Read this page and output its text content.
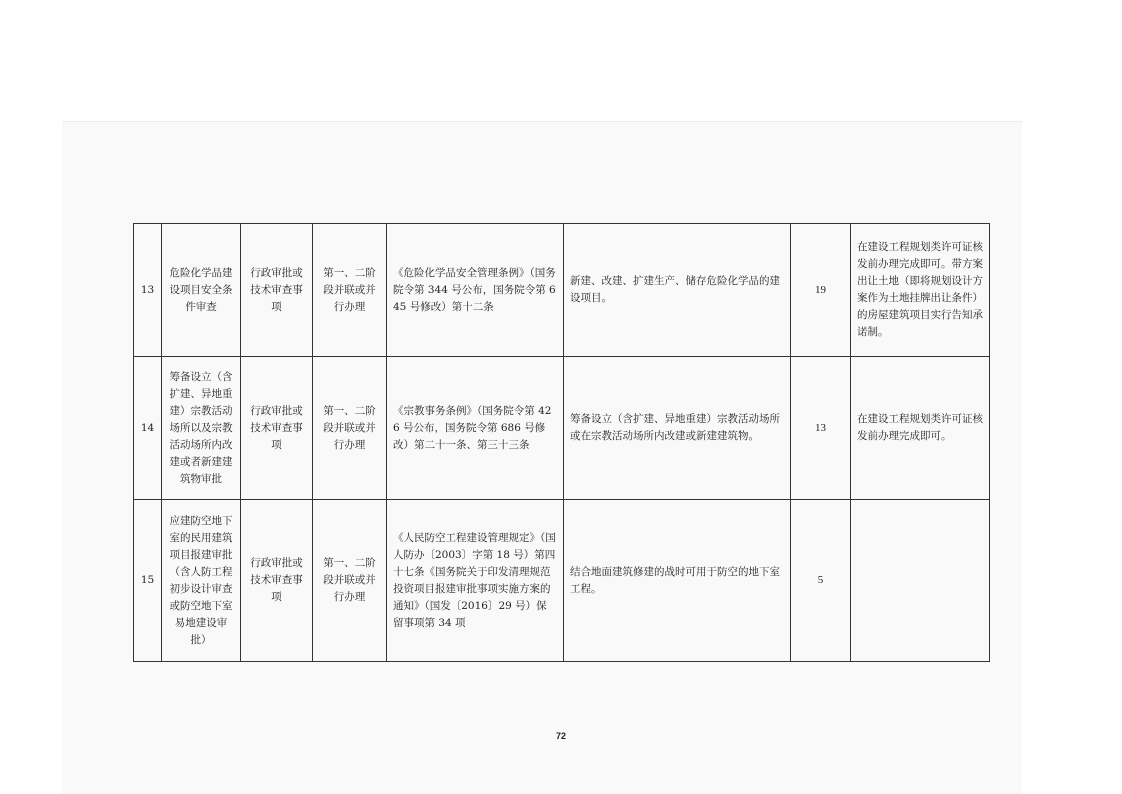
13	危险化学品建设项目安全条件审查	行政审批或技术审查事项	第一、二阶段并联或并行办理	《危险化学品安全管理条例》（国务院令第 344 号公布，国务院令第 645 号修改）第十二条	新建、改建、扩建生产、储存危险化学品的建设项目。	19	在建设工程规划类许可证核发前办理完成即可。带方案出让土地（即将规划设计方案作为土地挂牌出让条件）的房屋建筑项目实行告知承诺制。
14	筹备设立（含扩建、异地重建）宗教活动场所以及宗教活动场所内改建或者新建建筑物审批	行政审批或技术审查事项	第一、二阶段并联或并行办理	《宗教事务条例》（国务院令第 426 号公布，国务院令第 686 号修改）第二十一条、第三十三条	筹备设立（含扩建、异地重建）宗教活动场所或在宗教活动场所内改建或新建建筑物。	13	在建设工程规划类许可证核发前办理完成即可。
15	应建防空地下室的民用建筑项目报建审批（含人防工程初步设计审查或防空地下室易地建设审批）	行政审批或技术审查事项	第一、二阶段并联或并行办理	《人民防空工程建设管理规定》（国人防办〔2003〕字第 18 号）第四十七条《国务院关于印发清理规范投资项目报建审批事项实施方案的通知》（国发〔2016〕29 号）保留事项第 34 项	结合地面建筑修建的战时可用于防空的地下室工程。	5	
72
